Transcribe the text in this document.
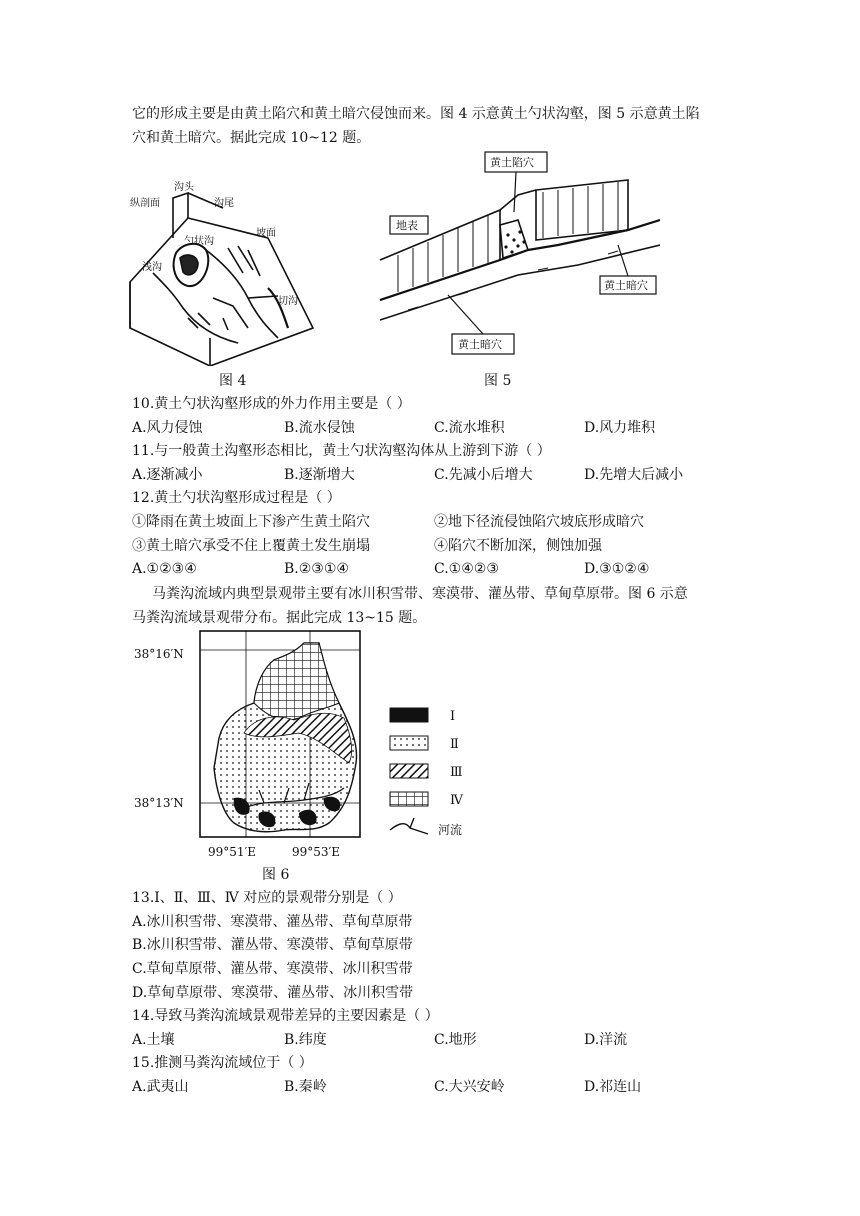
它的形成主要是由黄土陷穴和黄土暗穴侵蚀而来。图 4 示意黄土勺状沟壑，图 5 示意黄土陷
穴和黄土暗穴。据此完成 10~12 题。
纵剖面
沟头
沟尾
勺状沟
坡面
浅沟
切沟
图 4
黄土陷穴
地表
黄土暗穴
黄土暗穴
图 5
10.黄土勺状沟壑形成的外力作用主要是（ ）
A.风力侵蚀	B.流水侵蚀	C.流水堆积	D.风力堆积
11.与一般黄土沟壑形态相比，黄土勺状沟壑沟体从上游到下游（ ）
A.逐渐减小	B.逐渐增大	C.先减小后增大	D.先增大后减小
12.黄土勺状沟壑形成过程是（ ）
①降雨在黄土坡面上下渗产生黄土陷穴	②地下径流侵蚀陷穴坡底形成暗穴
③黄土暗穴承受不住上覆黄土发生崩塌	④陷穴不断加深，侧蚀加强
A.①②③④	B.②③①④	C.①④②③	D.③①②④
马粪沟流域内典型景观带主要有冰川积雪带、寒漠带、灌丛带、草甸草原带。图 6 示意
马粪沟流域景观带分布。据此完成 13~15 题。
38°16′N
38°13′N
99°51′E	99°53′E
Ⅰ
Ⅱ
Ⅲ
Ⅳ
河流
图 6
13.Ⅰ、Ⅱ、Ⅲ、Ⅳ 对应的景观带分别是（ ）
A.冰川积雪带、寒漠带、灌丛带、草甸草原带
B.冰川积雪带、灌丛带、寒漠带、草甸草原带
C.草甸草原带、灌丛带、寒漠带、冰川积雪带
D.草甸草原带、寒漠带、灌丛带、冰川积雪带
14.导致马粪沟流域景观带差异的主要因素是（ ）
A.土壤	B.纬度	C.地形	D.洋流
15.推测马粪沟流域位于（ ）
A.武夷山	B.秦岭	C.大兴安岭	D.祁连山
